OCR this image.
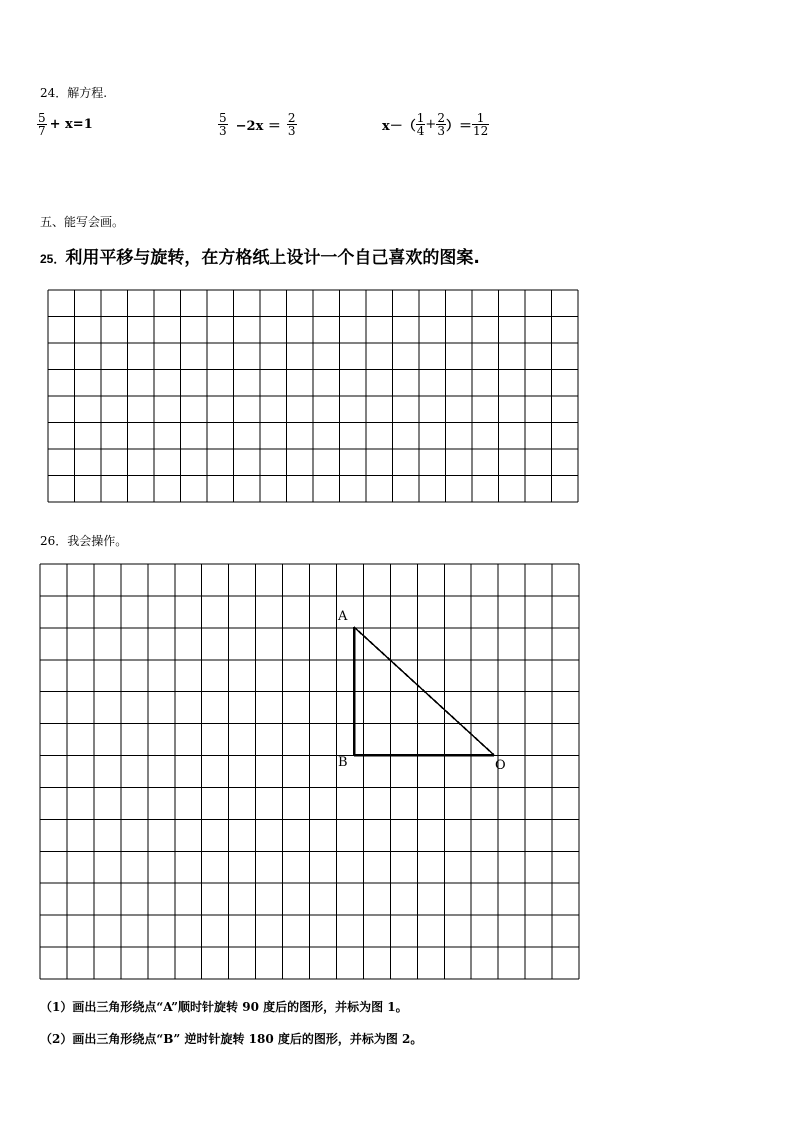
24．解方程.
$\frac{5}{7} + x=1$	$\frac{5}{3} -2x = \frac{2}{3}$	$x-( \frac{1}{4} + \frac{2}{3}$ ）＝ $\frac{1}{12}$
五、能写会画。
25． 利用平移与旋转，在方格纸上设计一个自己喜欢的图案.
26．我会操作。
A
B	O
（1）画出三角形绕点“A”顺时针旋转 90 度后的图形，并标为图 1。
（2）画出三角形绕点“B” 逆时针旋转 180 度后的图形，并标为图 2。
